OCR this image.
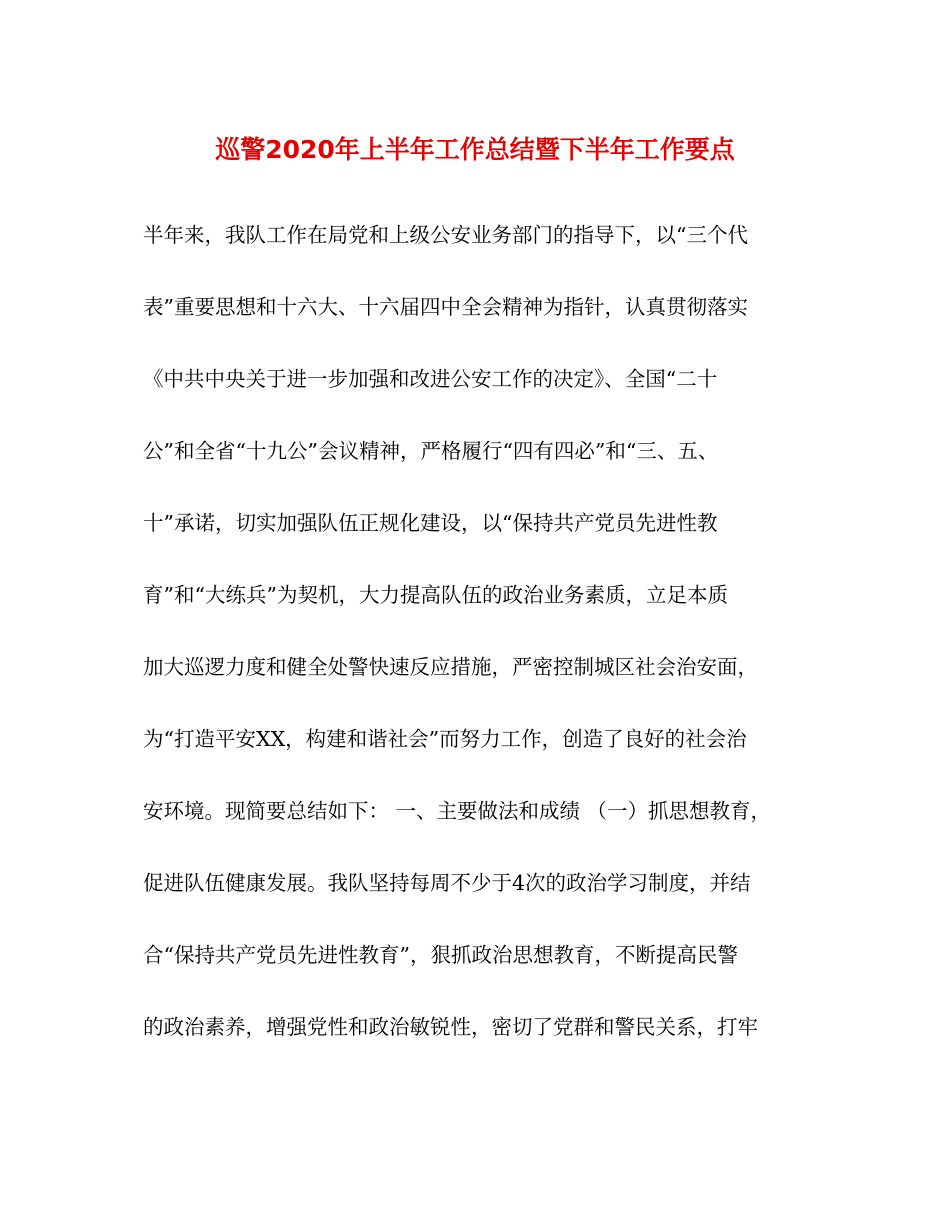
巡警2020年上半年工作总结暨下半年工作要点
半年来，我队工作在局党和上级公安业务部门的指导下，以“三个代
表”重要思想和十六大、十六届四中全会精神为指针，认真贯彻落实
《中共中央关于进一步加强和改进公安工作的决定》、全国“二十
公”和全省“十九公”会议精神，严格履行“四有四必”和“三、五、
十”承诺，切实加强队伍正规化建设，以“保持共产党员先进性教
育”和“大练兵”为契机，大力提高队伍的政治业务素质，立足本质
加大巡逻力度和健全处警快速反应措施，严密控制城区社会治安面，
为“打造平安XX，构建和谐社会”而努力工作，创造了良好的社会治
安环境。现简要总结如下： 一、主要做法和成绩 （一）抓思想教育，
促进队伍健康发展。我队坚持每周不少于4次的政治学习制度，并结
合“保持共产党员先进性教育”，狠抓政治思想教育，不断提高民警
的政治素养，增强党性和政治敏锐性，密切了党群和警民关系，打牢
